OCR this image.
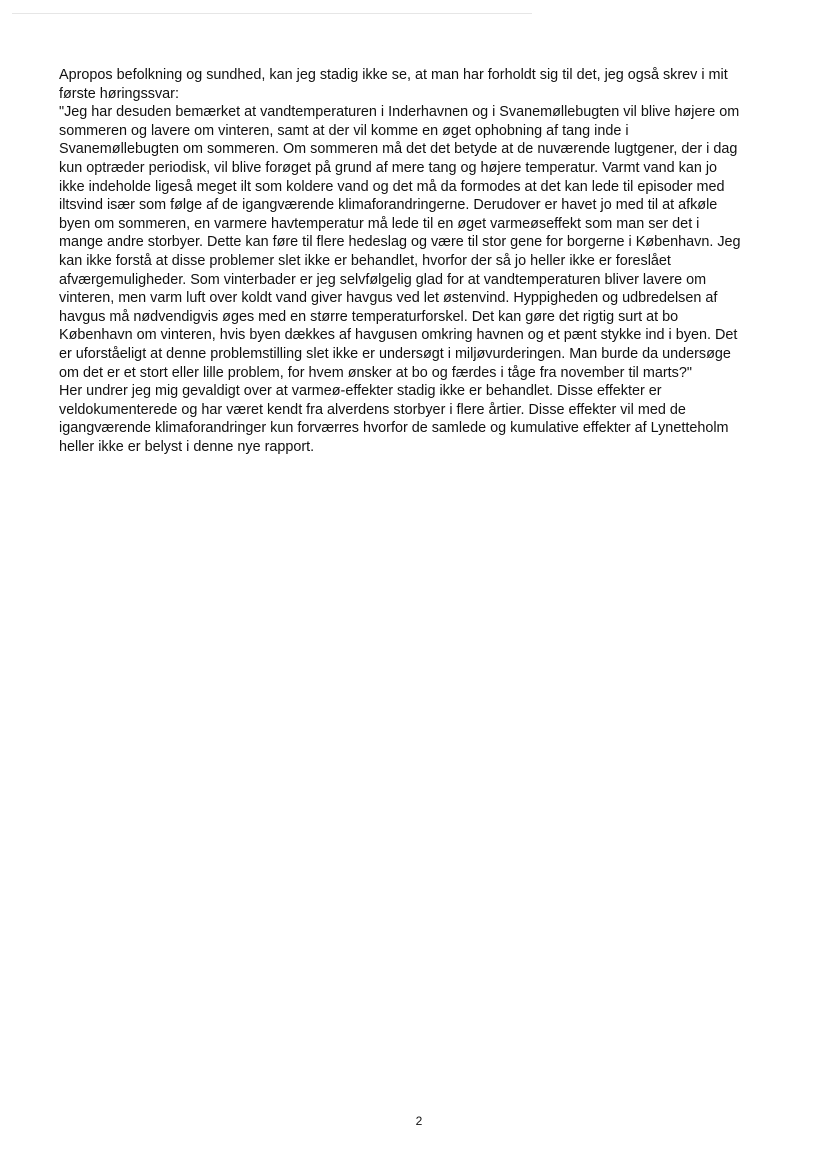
Apropos befolkning og sundhed, kan jeg stadig ikke se, at man har forholdt sig til det, jeg også skrev i mit
første høringssvar:
"Jeg har desuden bemærket at vandtemperaturen i Inderhavnen og i Svanemøllebugten vil blive højere om
sommeren og lavere om vinteren, samt at der vil komme en øget ophobning af tang inde i
Svanemøllebugten om sommeren. Om sommeren må det det betyde at de nuværende lugtgener, der i dag
kun optræder periodisk, vil blive forøget på grund af mere tang og højere temperatur. Varmt vand kan jo
ikke indeholde ligeså meget ilt som koldere vand og det må da formodes at det kan lede til episoder med
iltsvind især som følge af de igangværende klimaforandringerne. Derudover er havet jo med til at afkøle
byen om sommeren, en varmere havtemperatur må lede til en øget varmeøseffekt som man ser det i
mange andre storbyer. Dette kan føre til flere hedeslag og være til stor gene for borgerne i København. Jeg
kan ikke forstå at disse problemer slet ikke er behandlet, hvorfor der så jo heller ikke er foreslået
afværgemuligheder. Som vinterbader er jeg selvfølgelig glad for at vandtemperaturen bliver lavere om
vinteren, men varm luft over koldt vand giver havgus ved let østenvind. Hyppigheden og udbredelsen af
havgus må nødvendigvis øges med en større temperaturforskel. Det kan gøre det rigtig surt at bo
København om vinteren, hvis byen dækkes af havgusen omkring havnen og et pænt stykke ind i byen. Det
er uforståeligt at denne problemstilling slet ikke er undersøgt i miljøvurderingen. Man burde da undersøge
om det er et stort eller lille problem, for hvem ønsker at bo og færdes i tåge fra november til marts?"
Her undrer jeg mig gevaldigt over at varmeø-effekter stadig ikke er behandlet. Disse effekter er
veldokumenterede og har været kendt fra alverdens storbyer i flere årtier. Disse effekter vil med de
igangværende klimaforandringer kun forværres hvorfor de samlede og kumulative effekter af Lynetteholm
heller ikke er belyst i denne nye rapport.
2
